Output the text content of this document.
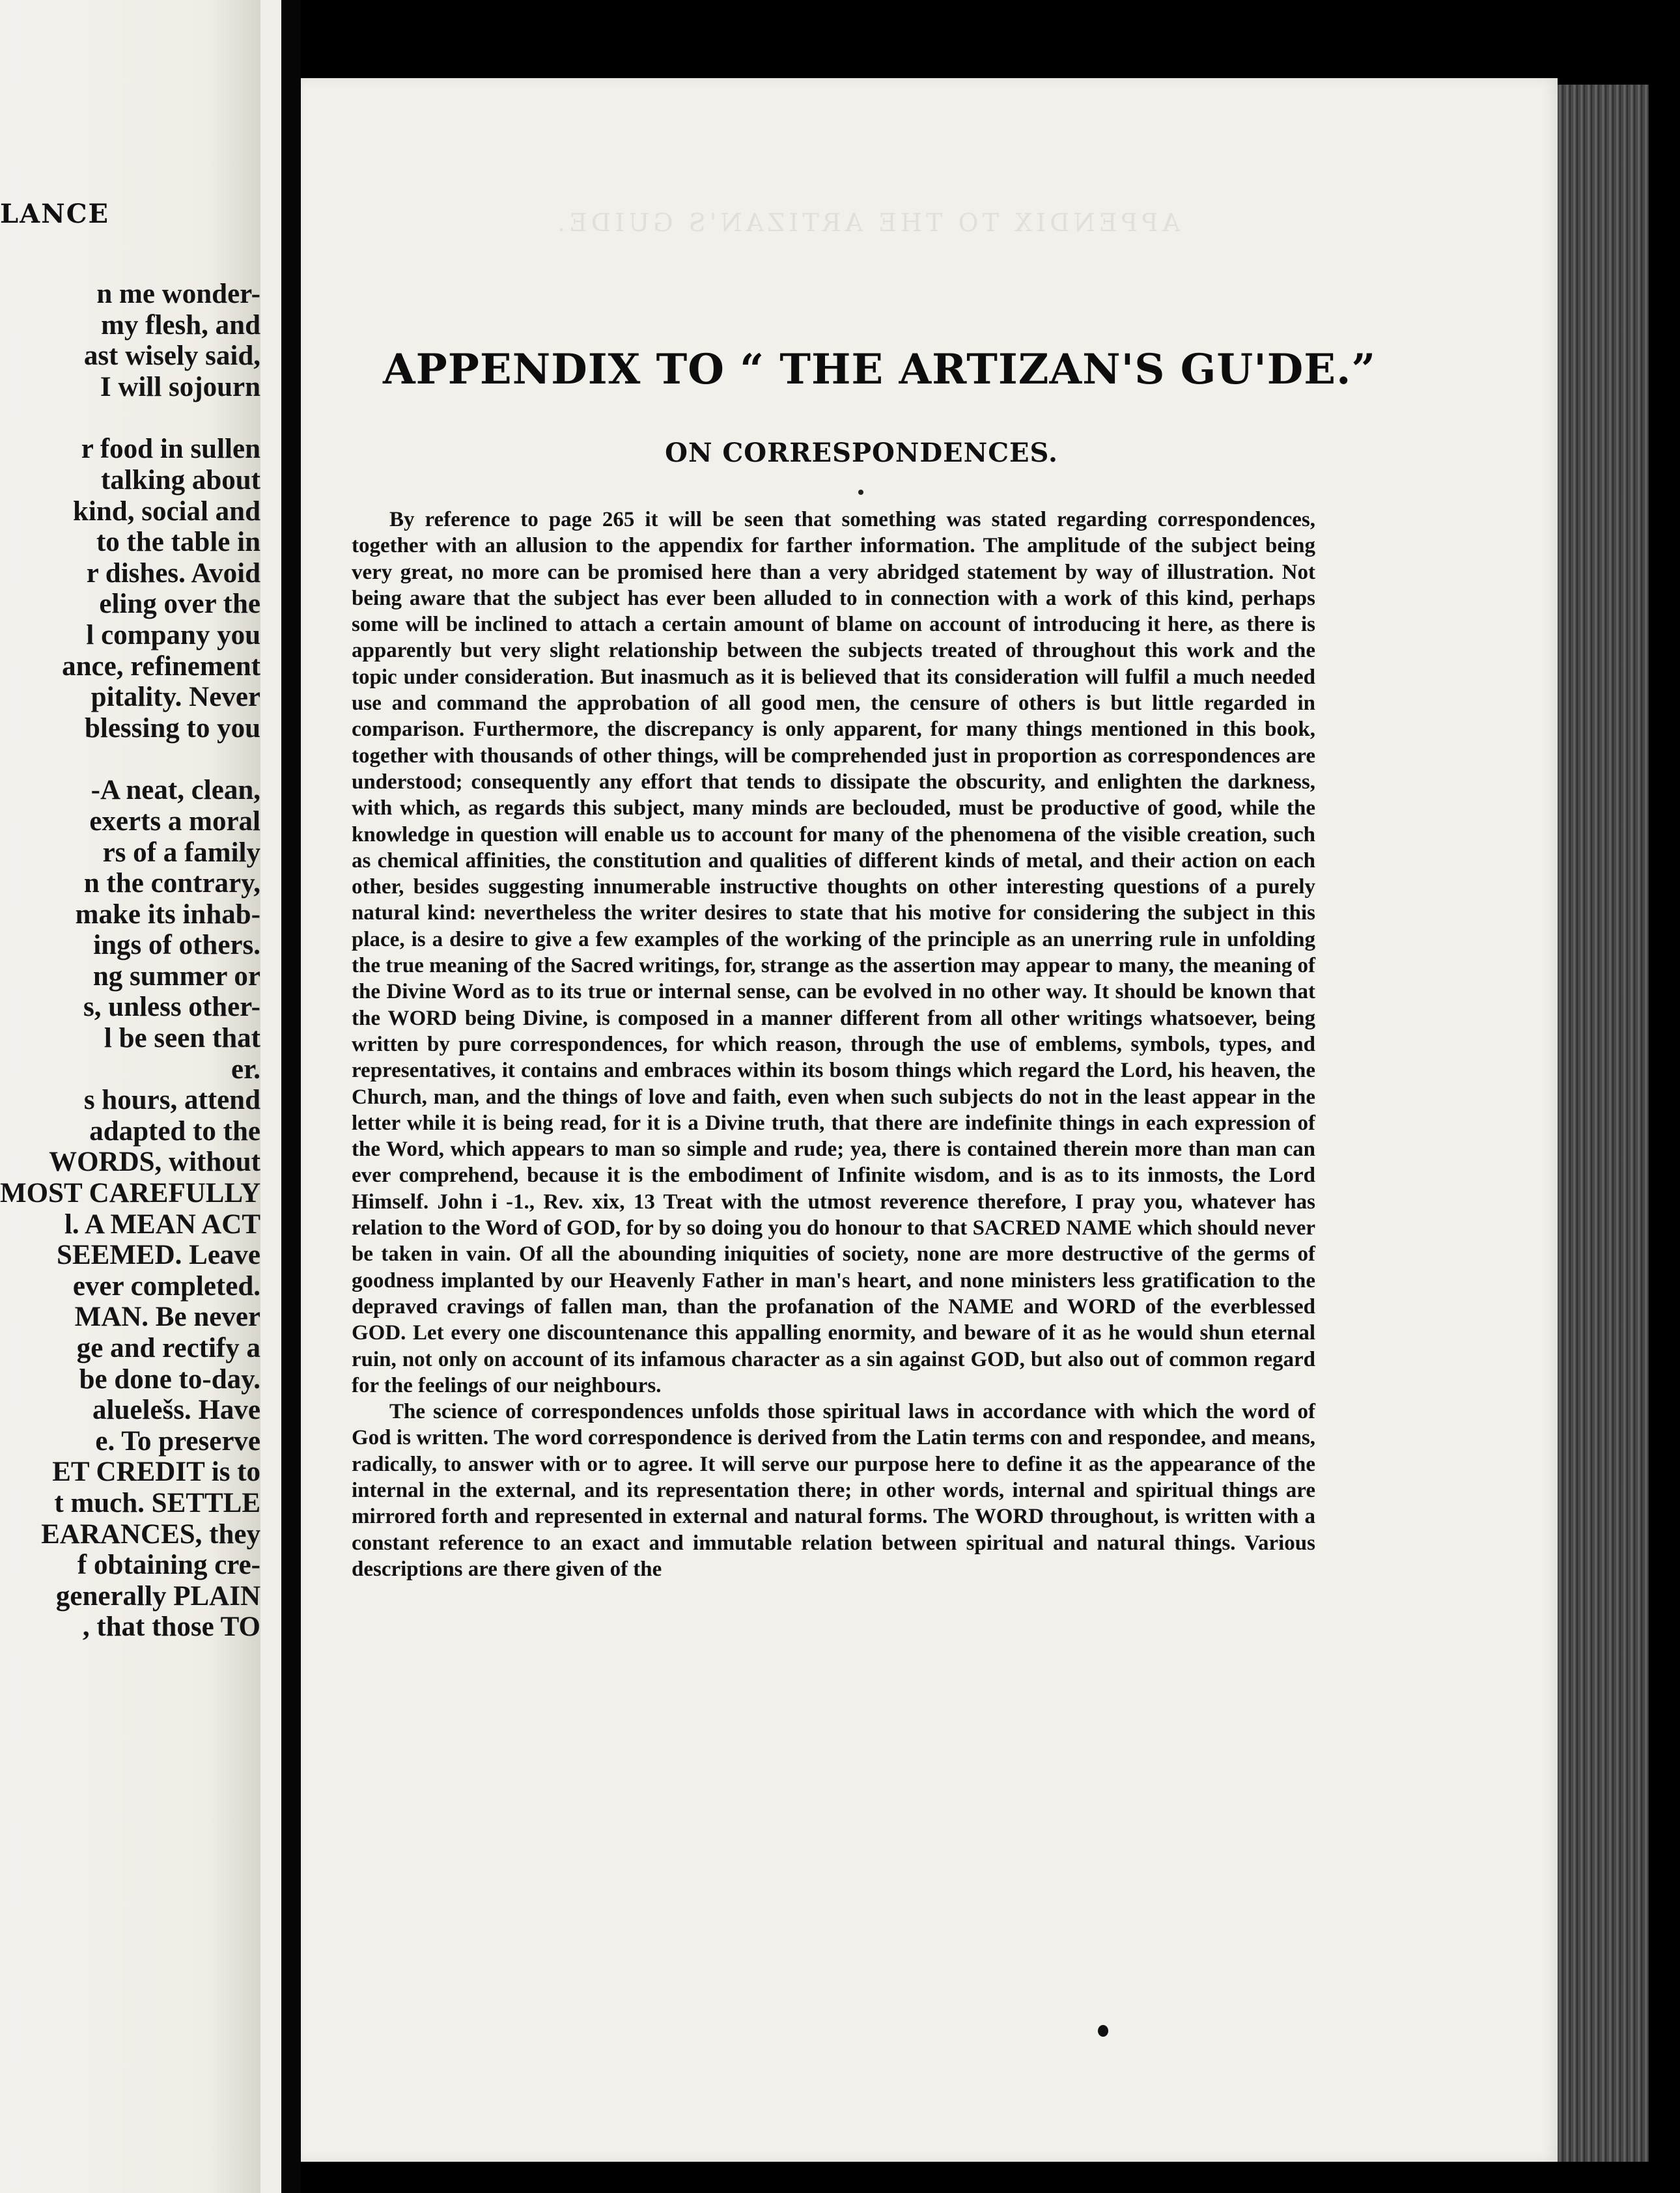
LANCE
n me wonder-
my flesh, and
ast wisely said,
I will sojourn
r food in sullen
talking about
kind, social and
to the table in
r dishes. Avoid
eling over the
l company you
ance, refinement
pitality. Never
blessing to you
-A neat, clean,
exerts a moral
rs of a family
n the contrary,
make its inhab-
ings of others.
ng summer or
s, unless other-
l be seen that
er.
s hours, attend
adapted to the
WORDS, without
MOST CAREFULLY
l. A MEAN ACT
SEEMED. Leave
ever completed.
MAN. Be never
ge and rectify a
be done to-day.
aluelešs. Have
e. To preserve
ET CREDIT is to
t much. SETTLE
EARANCES, they
f obtaining cre-
generally PLAIN
, that those TO
APPENDIX TO THE ARTIZAN'S GUIDE.
APPENDIX TO “ THE ARTIZAN'S GU'DE.”
ON CORRESPONDENCES.

By reference to page 265 it will be seen that something was stated regarding correspondences, together with an allusion to the appendix for farther information. The amplitude of the subject being very great, no more can be promised here than a very abridged statement by way of illustration. Not being aware that the subject has ever been alluded to in connection with a work of this kind, perhaps some will be inclined to attach a certain amount of blame on account of introducing it here, as there is apparently but very slight relationship between the subjects treated of throughout this work and the topic under consideration. But inasmuch as it is believed that its consideration will fulfil a much needed use and command the approbation of all good men, the censure of others is but little regarded in comparison. Furthermore, the discrepancy is only apparent, for many things mentioned in this book, together with thousands of other things, will be comprehended just in proportion as correspondences are understood; consequently any effort that tends to dissipate the obscurity, and enlighten the darkness, with which, as regards this subject, many minds are beclouded, must be productive of good, while the knowledge in question will enable us to account for many of the phenomena of the visible creation, such as chemical affinities, the constitution and qualities of different kinds of metal, and their action on each other, besides suggesting innumerable instructive thoughts on other interesting questions of a purely natural kind: nevertheless the writer desires to state that his motive for considering the subject in this place, is a desire to give a few examples of the working of the principle as an unerring rule in unfolding the true meaning of the Sacred writings, for, strange as the assertion may appear to many, the meaning of the Divine Word as to its true or internal sense, can be evolved in no other way. It should be known that the WORD being Divine, is composed in a manner different from all other writings whatsoever, being written by pure correspondences, for which reason, through the use of emblems, symbols, types, and representatives, it contains and embraces within its bosom things which regard the Lord, his heaven, the Church, man, and the things of love and faith, even when such subjects do not in the least appear in the letter while it is being read, for it is a Divine truth, that there are indefinite things in each expression of the Word, which appears to man so simple and rude; yea, there is contained therein more than man can ever comprehend, because it is the embodiment of Infinite wisdom, and is as to its inmosts, the Lord Himself. John i -1., Rev. xix, 13 Treat with the utmost reverence therefore, I pray you, whatever has relation to the Word of GOD, for by so doing you do honour to that SACRED NAME which should never be taken in vain. Of all the abounding iniquities of society, none are more destructive of the germs of goodness implanted by our Heavenly Father in man's heart, and none ministers less gratification to the depraved cravings of fallen man, than the profanation of the NAME and WORD of the everblessed GOD. Let every one discountenance this appalling enormity, and beware of it as he would shun eternal ruin, not only on account of its infamous character as a sin against GOD, but also out of common regard for the feelings of our neighbours.

The science of correspondences unfolds those spiritual laws in accordance with which the word of God is written. The word correspondence is derived from the Latin terms con and respondee, and means, radically, to answer with or to agree. It will serve our purpose here to define it as the appearance of the internal in the external, and its representation there; in other words, internal and spiritual things are mirrored forth and represented in external and natural forms. The WORD throughout, is written with a constant reference to an exact and immutable relation between spiritual and natural things. Various descriptions are there given of the
